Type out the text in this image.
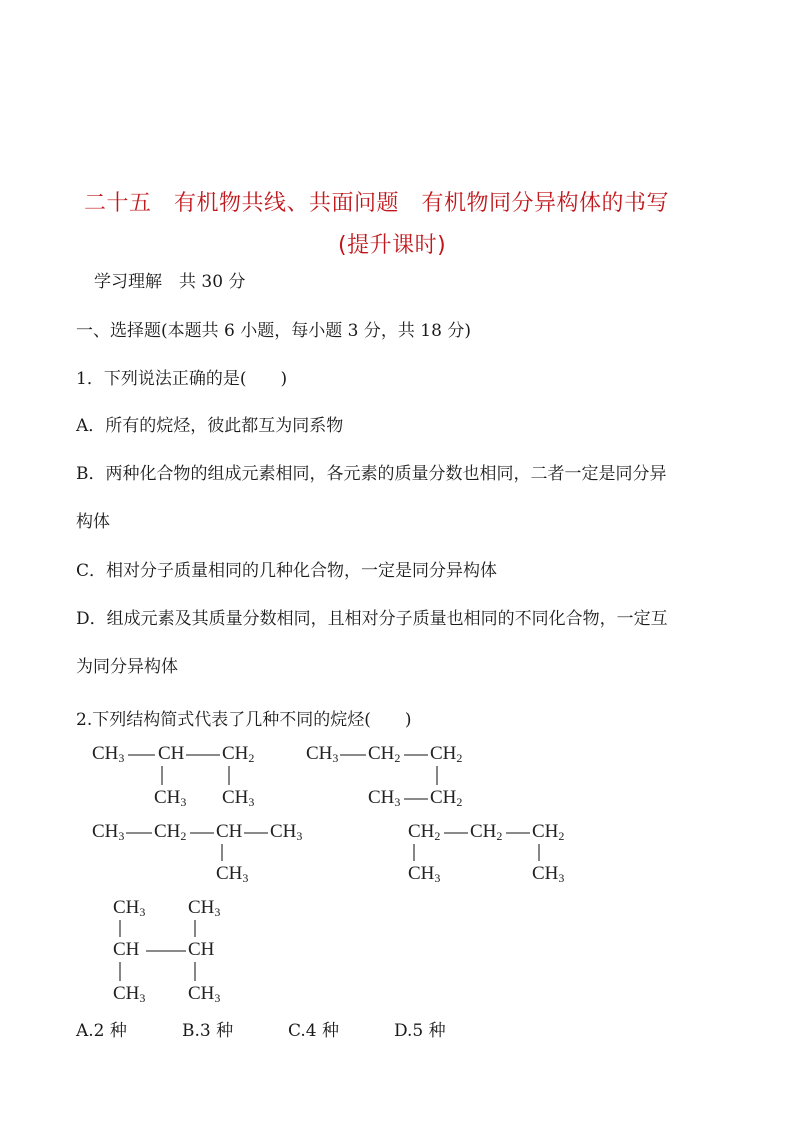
二十五　有机物共线、共面问题　有机物同分异构体的书写
(提升课时)
学习理解　共 30 分
一、选择题(本题共 6 小题，每小题 3 分，共 18 分)
1．下列说法正确的是(　　)
A．所有的烷烃，彼此都互为同系物
B．两种化合物的组成元素相同，各元素的质量分数也相同，二者一定是同分异
构体
C．相对分子质量相同的几种化合物，一定是同分异构体
D．组成元素及其质量分数相同，且相对分子质量也相同的不同化合物，一定互
为同分异构体
2.下列结构简式代表了几种不同的烷烃(　　)
$CH_3$ CH $CH_2$
$CH_3$ $CH_3$
$CH_3$ $CH_2$ $CH_2$
$CH_3$ $CH_2$
$CH_3$ $CH_2$ CH $CH_3$
$CH_3$
$CH_2$ $CH_2$ $CH_2$
$CH_3$	$CH_3$
$CH_3$ $CH_3$
CH	CH
$CH_3$ $CH_3$
A.2 种	B.3 种	C.4 种	D.5 种
